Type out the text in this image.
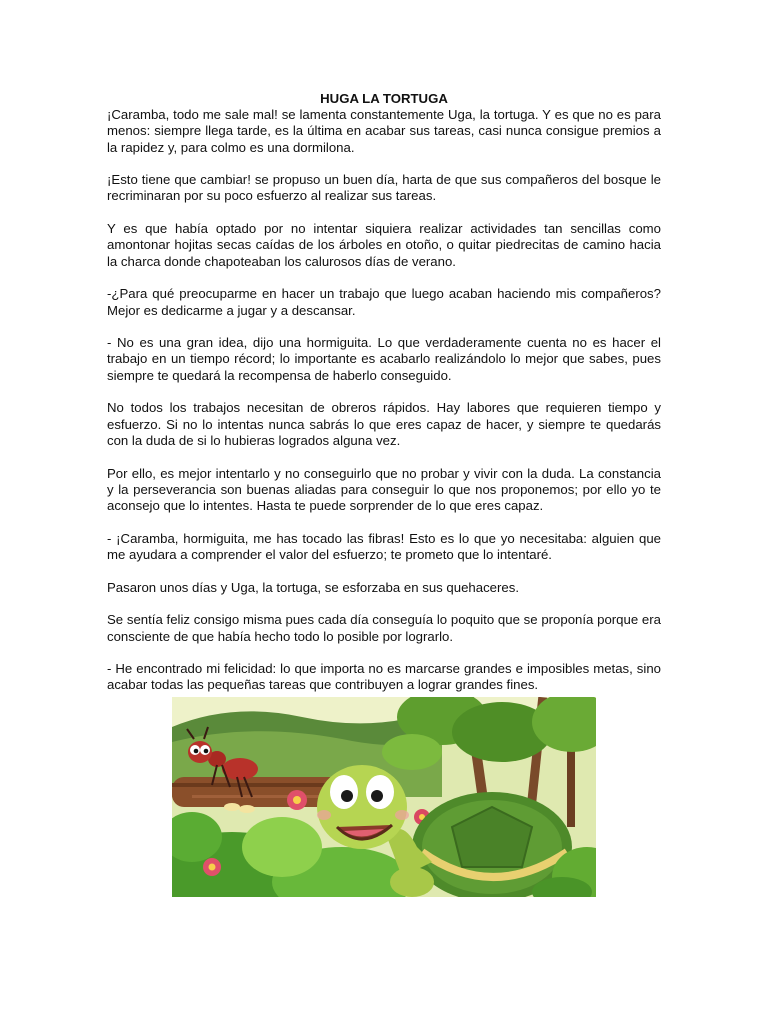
HUGA LA TORTUGA

¡Caramba, todo me sale mal! se lamenta constantemente Uga, la tortuga. Y es que no es para menos: siempre llega tarde, es la última en acabar sus tareas, casi nunca consigue premios a la rapidez y, para colmo es una dormilona.

¡Esto tiene que cambiar! se propuso un buen día, harta de que sus compañeros del bosque le recriminaran por su poco esfuerzo al realizar sus tareas.

Y es que había optado por no intentar siquiera realizar actividades tan sencillas como amontonar hojitas secas caídas de los árboles en otoño, o quitar piedrecitas de camino hacia la charca donde chapoteaban los calurosos días de verano.

-¿Para qué preocuparme en hacer un trabajo que luego acaban haciendo mis compañeros? Mejor es dedicarme a jugar y a descansar.

- No es una gran idea, dijo una hormiguita. Lo que verdaderamente cuenta no es hacer el trabajo en un tiempo récord; lo importante es acabarlo realizándolo lo mejor que sabes, pues siempre te quedará la recompensa de haberlo conseguido.

No todos los trabajos necesitan de obreros rápidos. Hay labores que requieren tiempo y esfuerzo. Si no lo intentas nunca sabrás lo que eres capaz de hacer, y siempre te quedarás con la duda de si lo hubieras logrados alguna vez.

Por ello, es mejor intentarlo y no conseguirlo que no probar y vivir con la duda. La constancia y la perseverancia son buenas aliadas para conseguir lo que nos proponemos; por ello yo te aconsejo que lo intentes. Hasta te puede sorprender de lo que eres capaz.

- ¡Caramba, hormiguita, me has tocado las fibras! Esto es lo que yo necesitaba: alguien que me ayudara a comprender el valor del esfuerzo; te prometo que lo intentaré.

Pasaron unos días y Uga, la tortuga, se esforzaba en sus quehaceres.

Se sentía feliz consigo misma pues cada día conseguía lo poquito que se proponía porque era consciente de que había hecho todo lo posible por lograrlo.

- He encontrado mi felicidad: lo que importa no es marcarse grandes e imposibles metas, sino acabar todas las pequeñas tareas que contribuyen a lograr grandes fines.
